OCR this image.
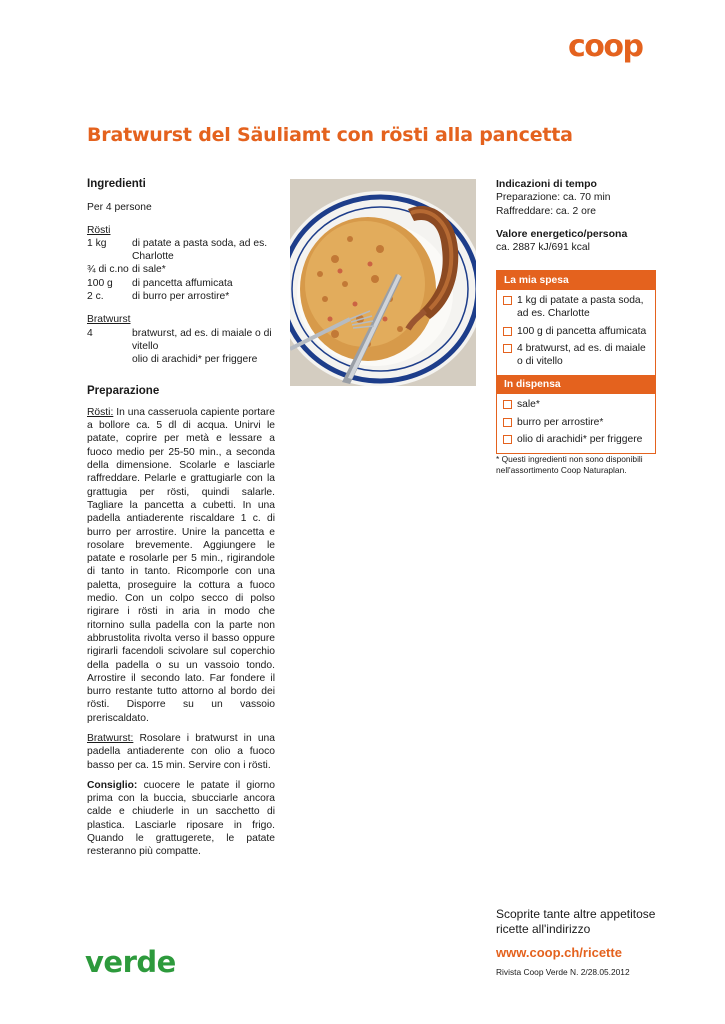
coop
Bratwurst del Säuliamt con rösti alla pancetta
Ingredienti
Per 4 persone
Rösti
1 kg	di patate a pasta soda, ad es. Charlotte
¾ di c.no di sale*
100 g	di pancetta affumicata
2 c.	di burro per arrostire*
Bratwurst
4	bratwurst, ad es. di maiale o di vitello
olio di arachidi* per friggere
Preparazione

Rösti: In una casseruola capiente portare a bollore ca. 5 dl di acqua. Unirvi le patate, coprire per metà e lessare a fuoco medio per 25-50 min., a seconda della dimensione. Scolarle e lasciarle raffreddare. Pelarle e grattugiarle con la grattugia per rösti, quindi salarle. Tagliare la pancetta a cubetti. In una padella antiaderente riscaldare 1 c. di burro per arrostire. Unire la pancetta e rosolare brevemente. Aggiungere le patate e rosolarle per 5 min., rigirandole di tanto in tanto. Ricomporle con una paletta, proseguire la cottura a fuoco medio. Con un colpo secco di polso rigirare i rösti in aria in modo che ritornino sulla padella con la parte non abbrustolita rivolta verso il basso oppure rigirarli facendoli scivolare sul coperchio della padella o su un vassoio tondo. Arrostire il secondo lato. Far fondere il burro restante tutto attorno al bordo dei rösti. Disporre su un vassoio preriscaldato.

Bratwurst: Rosolare i bratwurst in una padella antiaderente con olio a fuoco basso per ca. 15 min. Servire con i rösti.

Consiglio: cuocere le patate il giorno prima con la buccia, sbucciarle ancora calde e chiuderle in un sacchetto di plastica. Lasciarle riposare in frigo. Quando le grattugerete, le patate resteranno più compatte.

Indicazioni di tempo
Preparazione: ca. 70 min
Raffreddare: ca. 2 ore
Valore energetico/persona
ca. 2887 kJ/691 kcal
La mia spesa
1 kg di patate a pasta soda, ad es. Charlotte
100 g di pancetta affumicata
4 bratwurst, ad es. di maiale o di vitello
In dispensa
sale*
burro per arrostire*
olio di arachidi* per friggere
* Questi ingredienti non sono disponibili nell'assortimento Coop Naturaplan.
verde
Scoprite tante altre appetitose ricette all'indirizzo
www.coop.ch/ricette
Rivista Coop Verde N. 2/28.05.2012
